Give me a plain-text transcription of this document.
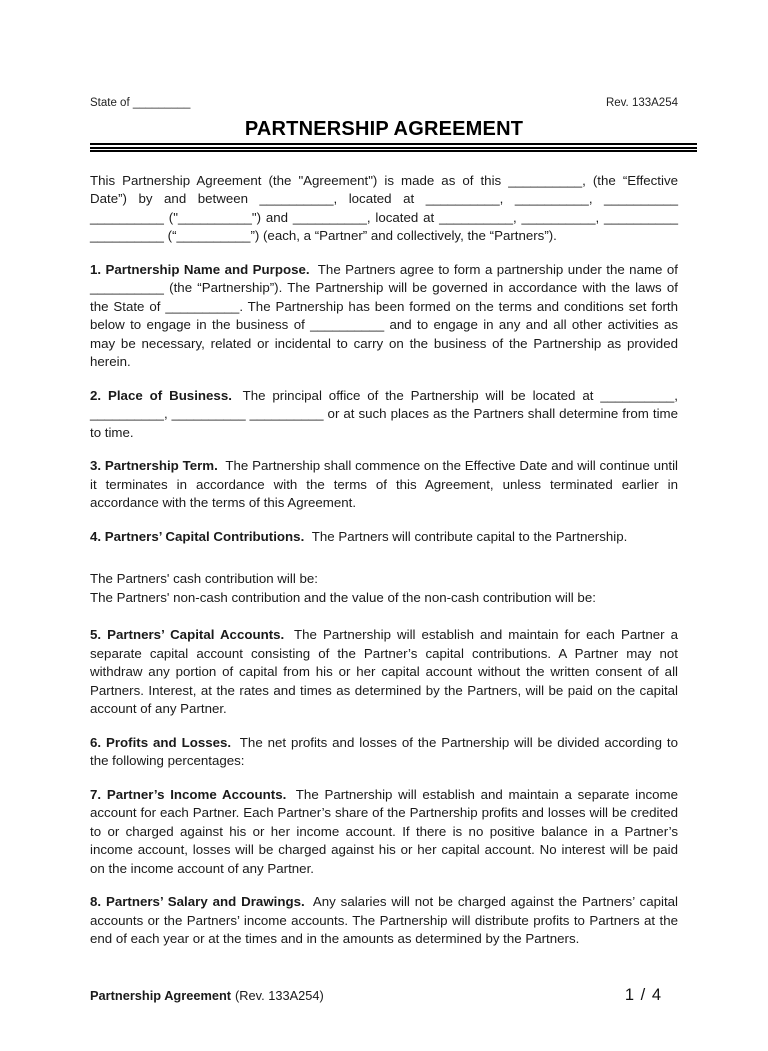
State of _________	Rev. 133A254
PARTNERSHIP AGREEMENT

This Partnership Agreement (the "Agreement") is made as of this __________, (the “Effective Date”) by and between __________, located at __________, __________, __________ __________ ("__________") and __________, located at __________, __________, __________ __________ (“__________”) (each, a “Partner” and collectively, the “Partners”).

1. Partnership Name and Purpose. The Partners agree to form a partnership under the name of __________ (the “Partnership”). The Partnership will be governed in accordance with the laws of the State of __________. The Partnership has been formed on the terms and conditions set forth below to engage in the business of __________ and to engage in any and all other activities as may be necessary, related or incidental to carry on the business of the Partnership as provided herein.

2. Place of Business. The principal office of the Partnership will be located at __________, __________, __________ __________ or at such places as the Partners shall determine from time to time.

3. Partnership Term. The Partnership shall commence on the Effective Date and will continue until it terminates in accordance with the terms of this Agreement, unless terminated earlier in accordance with the terms of this Agreement.

4. Partners’ Capital Contributions. The Partners will contribute capital to the Partnership.

The Partners' cash contribution will be:
The Partners' non-cash contribution and the value of the non-cash contribution will be:

5. Partners’ Capital Accounts. The Partnership will establish and maintain for each Partner a separate capital account consisting of the Partner’s capital contributions. A Partner may not withdraw any portion of capital from his or her capital account without the written consent of all Partners. Interest, at the rates and times as determined by the Partners, will be paid on the capital account of any Partner.

6. Profits and Losses. The net profits and losses of the Partnership will be divided according to the following percentages:

7. Partner’s Income Accounts. The Partnership will establish and maintain a separate income account for each Partner. Each Partner’s share of the Partnership profits and losses will be credited to or charged against his or her income account. If there is no positive balance in a Partner’s income account, losses will be charged against his or her capital account. No interest will be paid on the income account of any Partner.

8. Partners’ Salary and Drawings. Any salaries will not be charged against the Partners’ capital accounts or the Partners’ income accounts. The Partnership will distribute profits to Partners at the end of each year or at the times and in the amounts as determined by the Partners.

Partnership Agreement (Rev. 133A254)	1 / 4
